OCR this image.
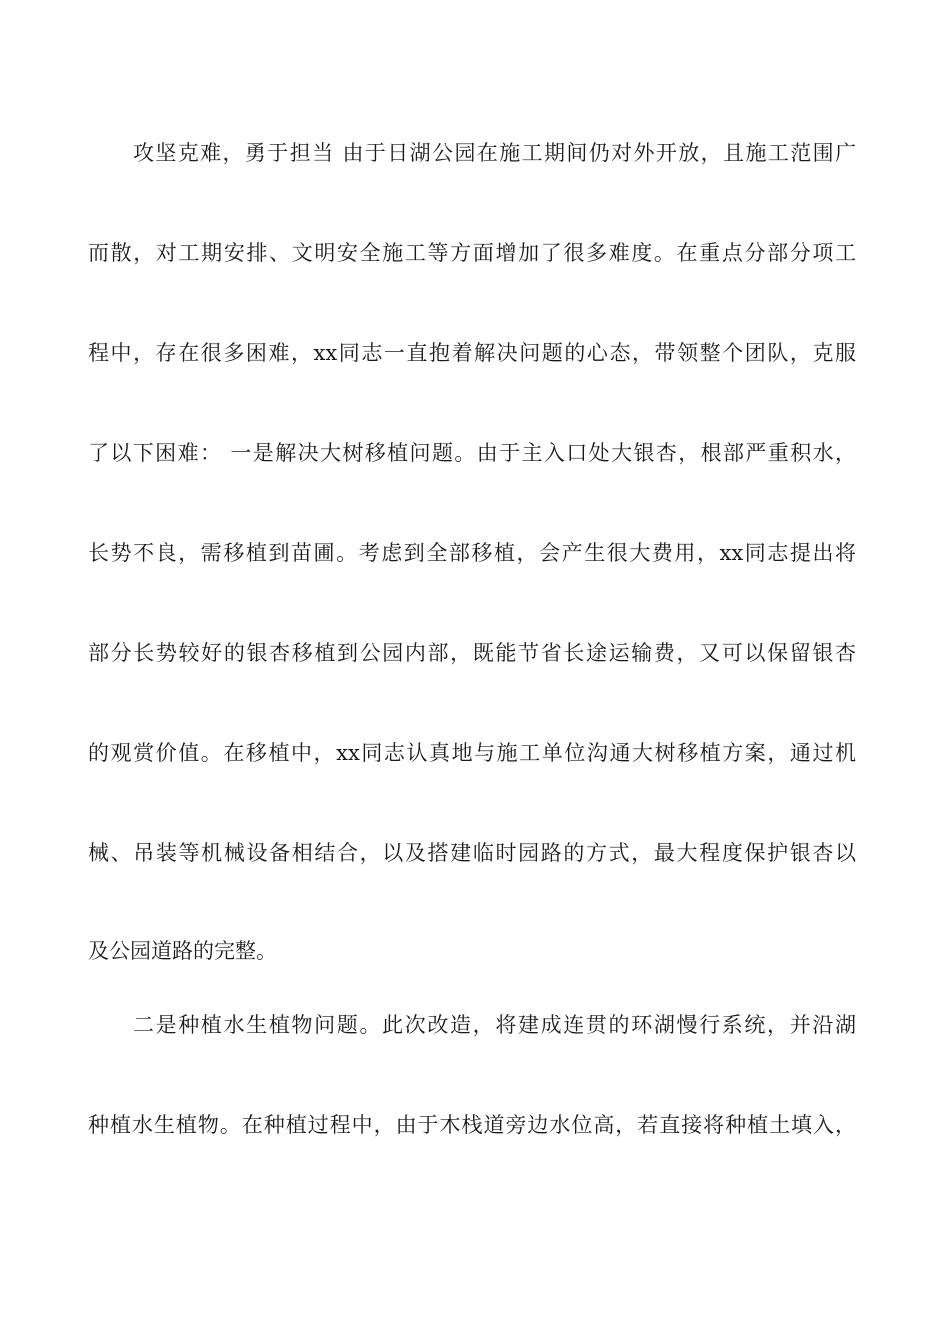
攻坚克难，勇于担当 由于日湖公园在施工期间仍对外开放，且施工范围广
而散，对工期安排、文明安全施工等方面增加了很多难度。在重点分部分项工
程中，存在很多困难，xx同志一直抱着解决问题的心态，带领整个团队，克服
了以下困难： 一是解决大树移植问题。由于主入口处大银杏，根部严重积水，
长势不良，需移植到苗圃。考虑到全部移植，会产生很大费用，xx同志提出将
部分长势较好的银杏移植到公园内部，既能节省长途运输费，又可以保留银杏
的观赏价值。在移植中，xx同志认真地与施工单位沟通大树移植方案，通过机
械、吊装等机械设备相结合，以及搭建临时园路的方式，最大程度保护银杏以
及公园道路的完整。
二是种植水生植物问题。此次改造，将建成连贯的环湖慢行系统，并沿湖
种植水生植物。在种植过程中，由于木栈道旁边水位高，若直接将种植土填入，
